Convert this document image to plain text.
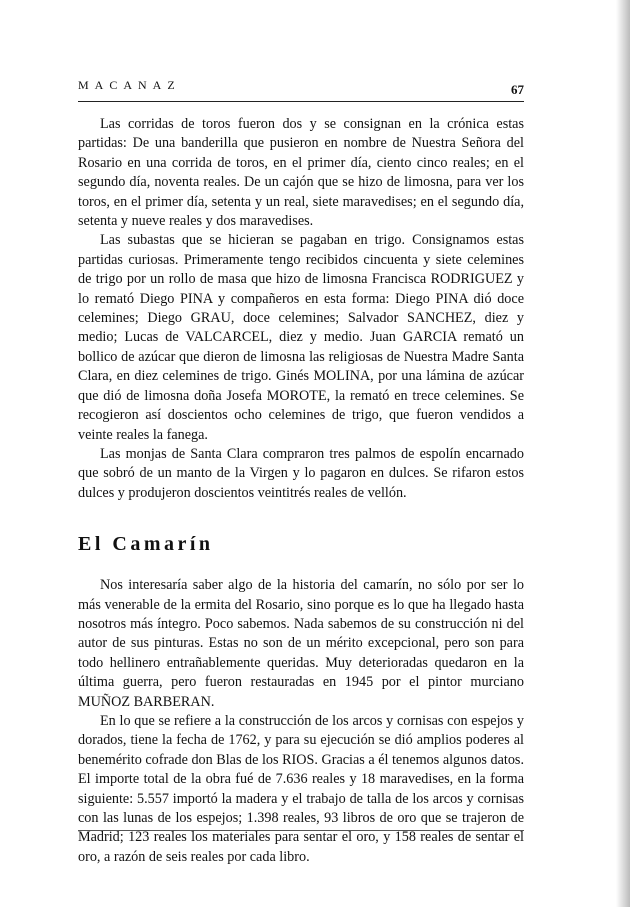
MACANAZ	67

Las corridas de toros fueron dos y se consignan en la crónica estas partidas: De una banderilla que pusieron en nombre de Nuestra Señora del Rosario en una corrida de toros, en el primer día, ciento cinco reales; en el segundo día, noventa reales. De un cajón que se hizo de limosna, para ver los toros, en el primer día, setenta y un real, siete maravedises; en el segundo día, setenta y nueve reales y dos maravedises.

Las subastas que se hicieran se pagaban en trigo. Consignamos estas partidas curiosas. Primeramente tengo recibidos cincuenta y siete celemines de trigo por un rollo de masa que hizo de limosna Francisca RODRIGUEZ y lo remató Diego PINA y compañeros en esta forma: Diego PINA dió doce celemines; Diego GRAU, doce celemines; Salvador SANCHEZ, diez y medio; Lucas de VALCARCEL, diez y medio. Juan GARCIA remató un bollico de azúcar que dieron de limosna las religiosas de Nuestra Madre Santa Clara, en diez celemines de trigo. Ginés MOLINA, por una lámina de azúcar que dió de limosna doña Josefa MOROTE, la remató en trece celemines. Se recogieron así doscientos ocho celemines de trigo, que fueron vendidos a veinte reales la fanega.

Las monjas de Santa Clara compraron tres palmos de espolín encarnado que sobró de un manto de la Virgen y lo pagaron en dulces. Se rifaron estos dulces y produjeron doscientos veintitrés reales de vellón.

El Camarín

Nos interesaría saber algo de la historia del camarín, no sólo por ser lo más venerable de la ermita del Rosario, sino porque es lo que ha llegado hasta nosotros más íntegro. Poco sabemos. Nada sabemos de su construcción ni del autor de sus pinturas. Estas no son de un mérito excepcional, pero son para todo hellinero entrañablemente queridas. Muy deterioradas quedaron en la última guerra, pero fueron restauradas en 1945 por el pintor murciano MUÑOZ BARBERAN.

En lo que se refiere a la construcción de los arcos y cornisas con espejos y dorados, tiene la fecha de 1762, y para su ejecución se dió amplios poderes al benemérito cofrade don Blas de los RIOS. Gracias a él tenemos algunos datos. El importe total de la obra fué de 7.636 reales y 18 maravedises, en la forma siguiente: 5.557 importó la madera y el trabajo de talla de los arcos y cornisas con las lunas de los espejos; 1.398 reales, 93 libros de oro que se trajeron de Madrid; 123 reales los materiales para sentar el oro, y 158 reales de sentar el oro, a razón de seis reales por cada libro.
